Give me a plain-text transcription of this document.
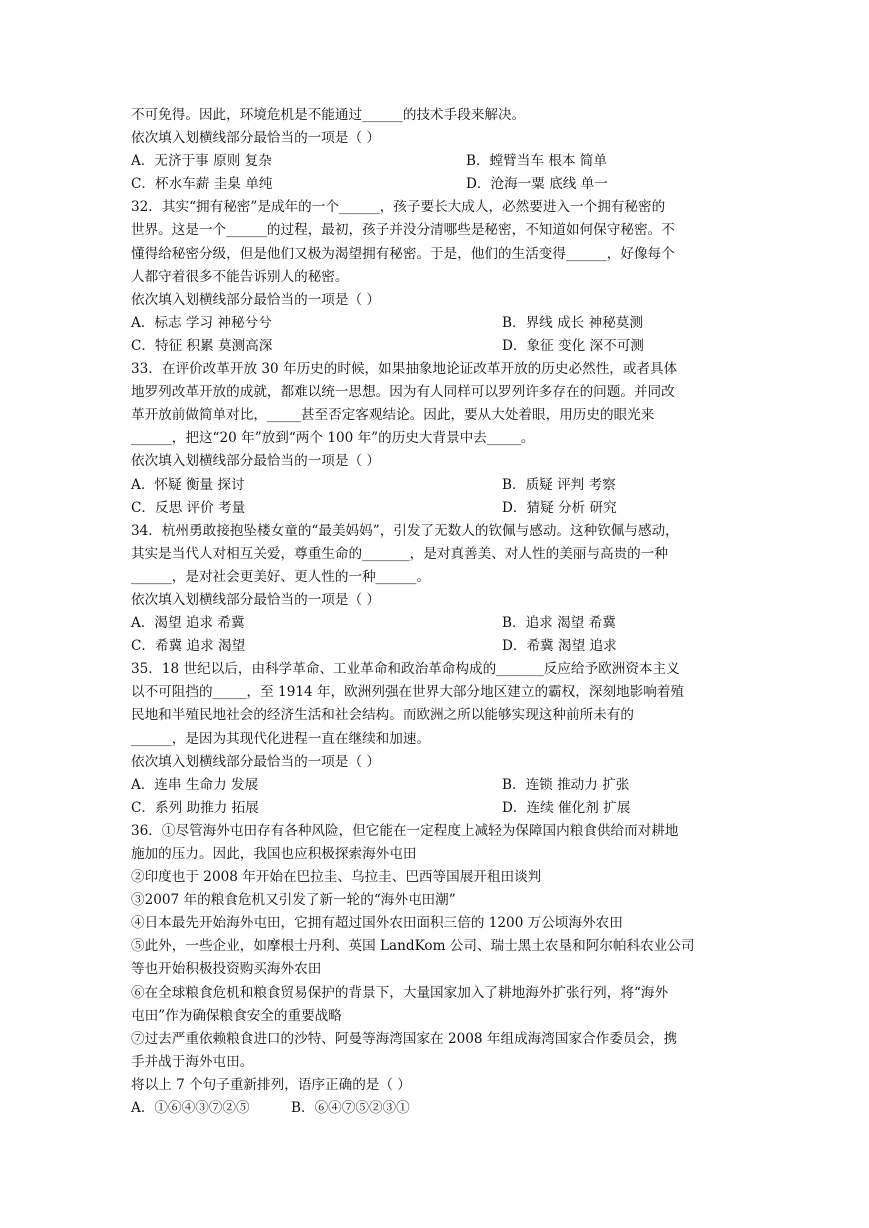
不可免得。因此，环境危机是不能通过______的技术手段来解决。
依次填入划横线部分最恰当的一项是（ ）
A．无济于事 原则 复杂	B．螳臂当车 根本 简单
C．杯水车薪 圭臬 单纯	D．沧海一粟 底线 单一
32．其实“拥有秘密”是成年的一个______，孩子要长大成人，必然要进入一个拥有秘密的
世界。这是一个______的过程，最初，孩子并没分清哪些是秘密，不知道如何保守秘密。不
懂得给秘密分级，但是他们又极为渴望拥有秘密。于是，他们的生活变得______，好像每个
人都守着很多不能告诉别人的秘密。
依次填入划横线部分最恰当的一项是（ ）
A．标志 学习 神秘兮兮	B．界线 成长 神秘莫测
C．特征 积累 莫测高深	D．象征 变化 深不可测
33．在评价改革开放 30 年历史的时候，如果抽象地论证改革开放的历史必然性，或者具体
地罗列改革开放的成就，都难以统一思想。因为有人同样可以罗列许多存在的问题。并同改
革开放前做简单对比，_____甚至否定客观结论。因此，要从大处着眼，用历史的眼光来
______，把这“20 年”放到“两个 100 年”的历史大背景中去_____。
依次填入划横线部分最恰当的一项是（ ）
A．怀疑 衡量 探讨	B．质疑 评判 考察
C．反思 评价 考量	D．猜疑 分析 研究
34．杭州勇敢接抱坠楼女童的“最美妈妈”，引发了无数人的钦佩与感动。这种钦佩与感动，
其实是当代人对相互关爱，尊重生命的_______，是对真善美、对人性的美丽与高贵的一种
______，是对社会更美好、更人性的一种______。
依次填入划横线部分最恰当的一项是（ ）
A．渴望 追求 希冀	B．追求 渴望 希冀
C．希冀 追求 渴望	D．希冀 渴望 追求
35．18 世纪以后，由科学革命、工业革命和政治革命构成的_______反应给予欧洲资本主义
以不可阻挡的_____，至 1914 年，欧洲列强在世界大部分地区建立的霸权，深刻地影响着殖
民地和半殖民地社会的经济生活和社会结构。而欧洲之所以能够实现这种前所未有的
______，是因为其现代化进程一直在继续和加速。
依次填入划横线部分最恰当的一项是（ ）
A．连串 生命力 发展	B．连锁 推动力 扩张
C．系列 助推力 拓展	D．连续 催化剂 扩展
36．①尽管海外屯田存有各种风险，但它能在一定程度上减轻为保障国内粮食供给而对耕地
施加的压力。因此，我国也应积极探索海外屯田
②印度也于 2008 年开始在巴拉圭、乌拉圭、巴西等国展开租田谈判
③2007 年的粮食危机又引发了新一轮的“海外屯田潮”
④日本最先开始海外屯田，它拥有超过国外农田面积三倍的 1200 万公顷海外农田
⑤此外，一些企业，如摩根士丹利、英国 LandKom 公司、瑞士黑土农垦和阿尔帕科农业公司
等也开始积极投资购买海外农田
⑥在全球粮食危机和粮食贸易保护的背景下，大量国家加入了耕地海外扩张行列，将“海外
屯田”作为确保粮食安全的重要战略
⑦过去严重依赖粮食进口的沙特、阿曼等海湾国家在 2008 年组成海湾国家合作委员会，携
手并战于海外屯田。
将以上 7 个句子重新排列，语序正确的是（ ）
A．①⑥④③⑦②⑤	B．⑥④⑦⑤②③①
